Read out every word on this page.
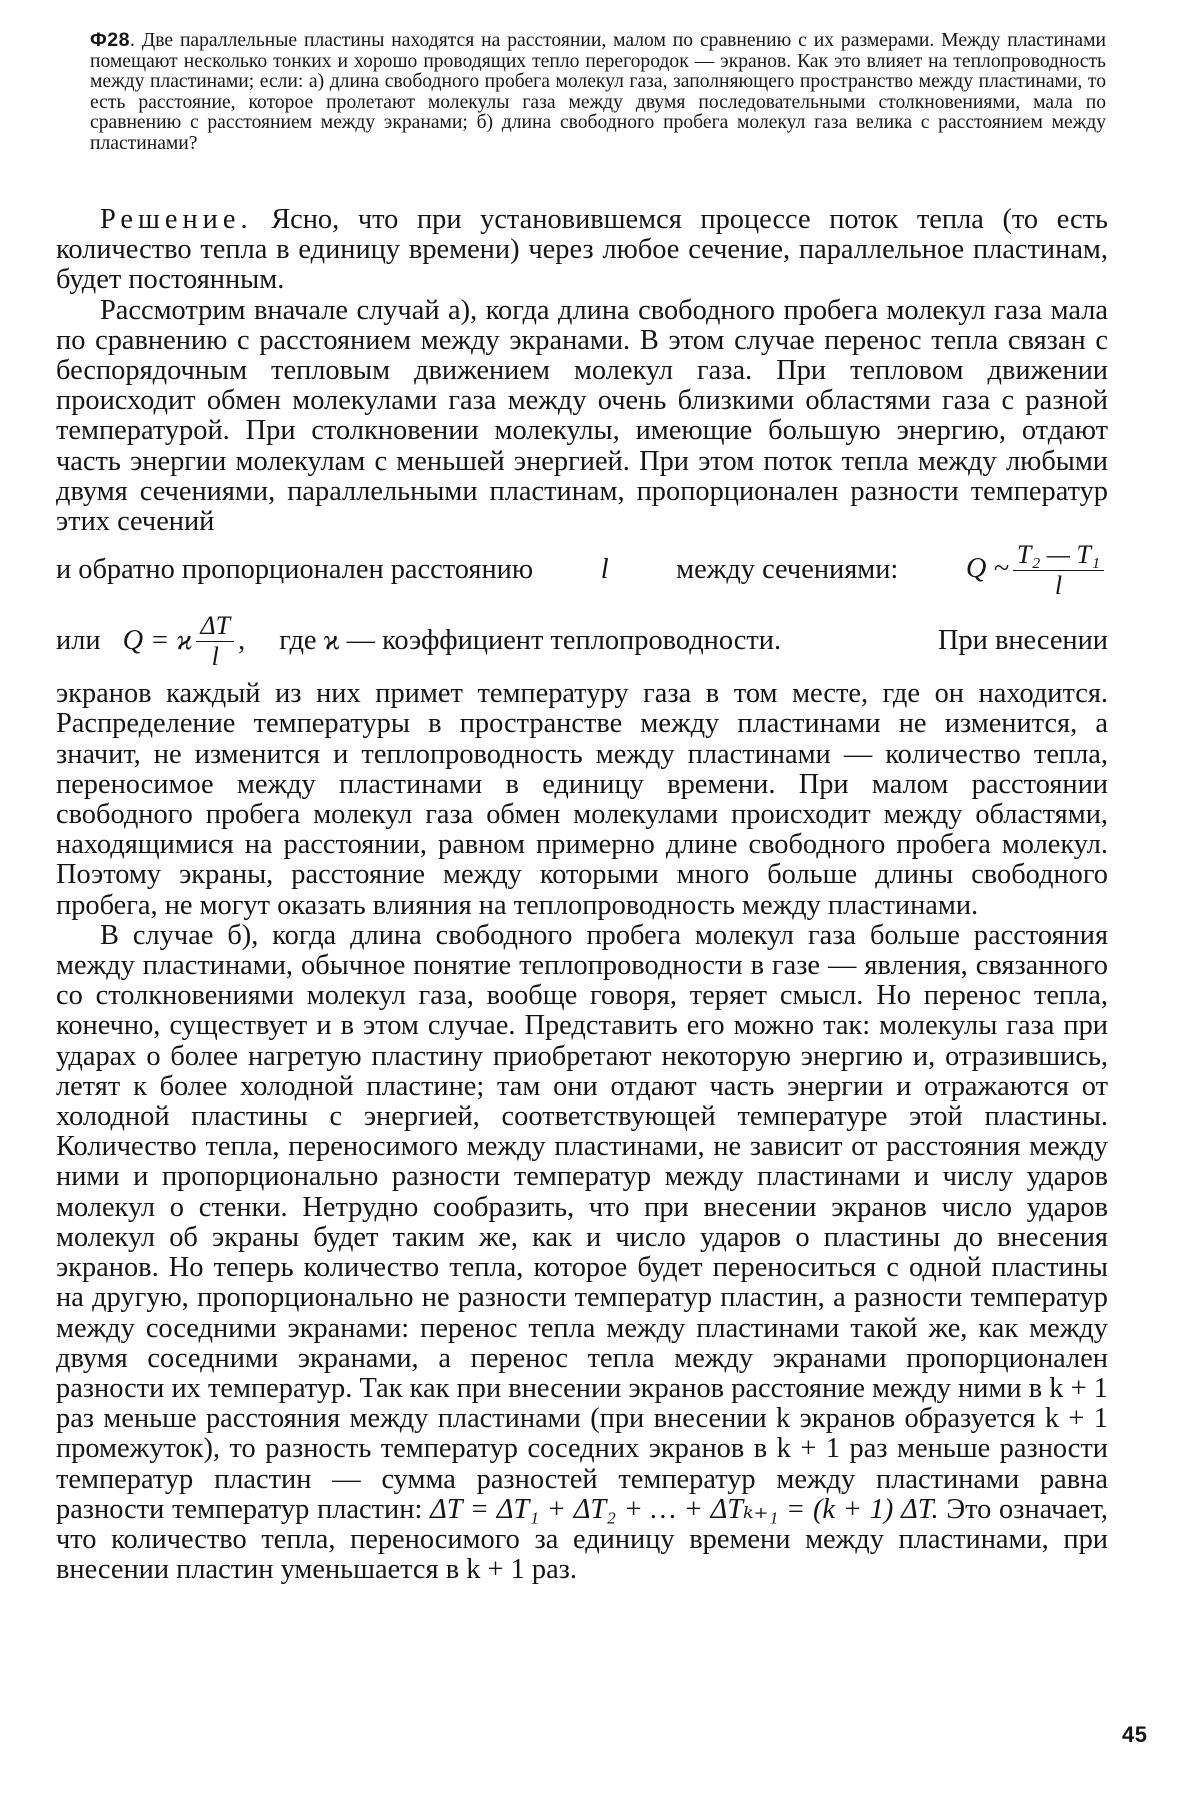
Ф28. Две параллельные пластины находятся на расстоянии, малом по сравнению с их размерами. Между пластинами помещают несколько тонких и хорошо проводящих тепло перегородок — экранов. Как это влияет на теплопроводность между пластинами; если: а) длина свободного пробега молекул газа, заполняющего пространство между пластинами, то есть расстояние, которое пролетают молекулы газа между двумя последовательными столкновениями, мала по сравнению с расстоянием между экранами; б) длина свободного пробега молекул газа велика с расстоянием между пластинами?

Решение. Ясно, что при установившемся процессе поток тепла (то есть количество тепла в единицу времени) через любое сечение, параллельное пластинам, будет постоянным.

Рассмотрим вначале случай а), когда длина свободного пробега молекул газа мала по сравнению с расстоянием между экранами. В этом случае перенос тепла связан с беспорядочным тепловым движением молекул газа. При тепловом движении происходит обмен молекулами газа между очень близкими областями газа с разной температурой. При столкновении молекулы, имеющие большую энергию, отдают часть энергии молекулам с меньшей энергией. При этом поток тепла между любыми двумя сечениями, параллельными пластинам, пропорционален разности температур этих сечений

и обратно пропорционален расстоянию l между сечениями: Q ~ $\frac{\text{T₂ — T₁}}{l}$
или Q = ϰ $\frac{\Delta T}{l}$ , где ϰ — коэффициент теплопроводности.	При внесении

экранов каждый из них примет температуру газа в том месте, где он находится. Распределение температуры в пространстве между пластинами не изменится, а значит, не изменится и теплопроводность между пластинами — количество тепла, переносимое между пластинами в единицу времени. При малом расстоянии свободного пробега молекул газа обмен молекулами происходит между областями, находящимися на расстоянии, равном примерно длине свободного пробега молекул. Поэтому экраны, расстояние между которыми много больше длины свободного пробега, не могут оказать влияния на теплопроводность между пластинами.

В случае б), когда длина свободного пробега молекул газа больше расстояния между пластинами, обычное понятие теплопроводности в газе — явления, связанного со столкновениями молекул газа, вообще говоря, теряет смысл. Но перенос тепла, конечно, существует и в этом случае. Представить его можно так: молекулы газа при ударах о более нагретую пластину приобретают некоторую энергию и, отразившись, летят к более холодной пластине; там они отдают часть энергии и отражаются от холодной пластины с энергией, соответствующей температуре этой пластины. Количество тепла, переносимого между пластинами, не зависит от расстояния между ними и пропорционально разности температур между пластинами и числу ударов молекул о стенки. Нетрудно сообразить, что при внесении экранов число ударов молекул об экраны будет таким же, как и число ударов о пластины до внесения экранов. Но теперь количество тепла, которое будет переноситься с одной пластины на другую, пропорционально не разности температур пластин, а разности температур между соседними экранами: перенос тепла между пластинами такой же, как между двумя соседними экранами, а перенос тепла между экранами пропорционален разности их температур. Так как при внесении экранов расстояние между ними в k + 1 раз меньше расстояния между пластинами (при внесении k экранов образуется k + 1 промежуток), то разность температур соседних экранов в k + 1 раз меньше разности температур пластин — сумма разностей температур между пластинами равна разности температур пластин: ΔT = ΔT₁ + ΔT₂ + … + ΔTₖ₊₁ = (k + 1) ΔT. Это означает, что количество тепла, переносимого за единицу времени между пластинами, при внесении пластин уменьшается в k + 1 раз.

45
